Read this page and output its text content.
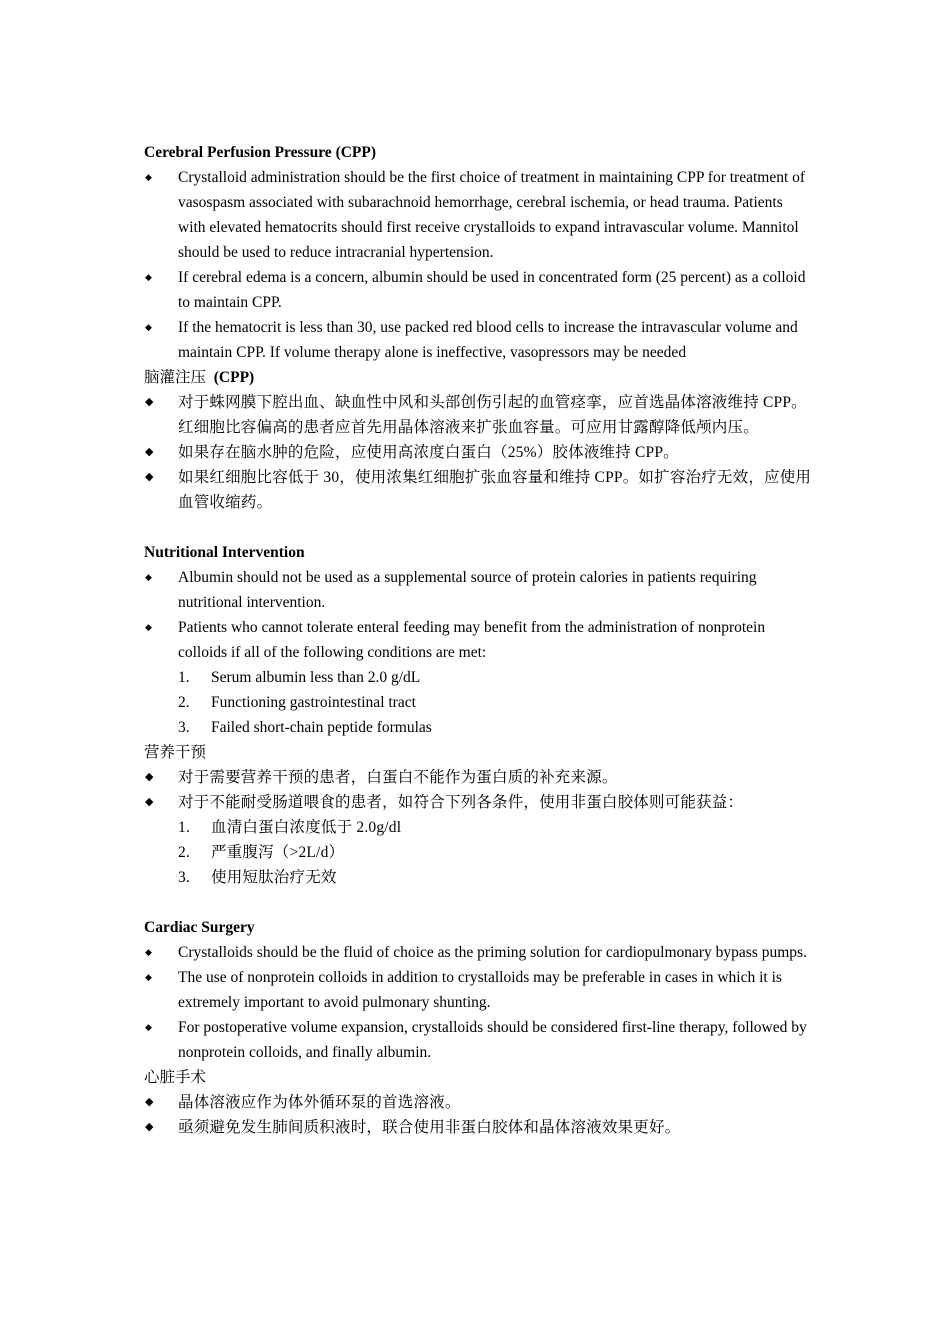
Cerebral Perfusion Pressure (CPP)
◆ Crystalloid administration should be the first choice of treatment in maintaining CPP for treatment of vasospasm associated with subarachnoid hemorrhage, cerebral ischemia, or head trauma. Patients with elevated hematocrits should first receive crystalloids to expand intravascular volume. Mannitol should be used to reduce intracranial hypertension.
◆ If cerebral edema is a concern, albumin should be used in concentrated form (25 percent) as a colloid to maintain CPP.
◆ If the hematocrit is less than 30, use packed red blood cells to increase the intravascular volume and maintain CPP. If volume therapy alone is ineffective, vasopressors may be needed
脑灌注压 (CPP)
◆ 对于蛛网膜下腔出血、缺血性中风和头部创伤引起的血管痉挛，应首选晶体溶液维持 CPP。红细胞比容偏高的患者应首先用晶体溶液来扩张血容量。可应用甘露醇降低颅内压。
◆ 如果存在脑水肿的危险，应使用高浓度白蛋白（25%）胶体液维持 CPP。
◆ 如果红细胞比容低于 30，使用浓集红细胞扩张血容量和维持 CPP。如扩容治疗无效，应使用血管收缩药。
Nutritional Intervention
◆ Albumin should not be used as a supplemental source of protein calories in patients requiring nutritional intervention.
◆ Patients who cannot tolerate enteral feeding may benefit from the administration of nonprotein colloids if all of the following conditions are met:
1. Serum albumin less than 2.0 g/dL
2. Functioning gastrointestinal tract
3. Failed short-chain peptide formulas
营养干预
◆ 对于需要营养干预的患者，白蛋白不能作为蛋白质的补充来源。
◆ 对于不能耐受肠道喂食的患者，如符合下列各条件，使用非蛋白胶体则可能获益：
1. 血清白蛋白浓度低于 2.0g/dl
2. 严重腹泻（>2L/d）
3. 使用短肽治疗无效
Cardiac Surgery
◆ Crystalloids should be the fluid of choice as the priming solution for cardiopulmonary bypass pumps.
◆ The use of nonprotein colloids in addition to crystalloids may be preferable in cases in which it is extremely important to avoid pulmonary shunting.
◆ For postoperative volume expansion, crystalloids should be considered first-line therapy, followed by nonprotein colloids, and finally albumin.
心脏手术
◆ 晶体溶液应作为体外循环泵的首选溶液。
◆ 亟须避免发生肺间质积液时，联合使用非蛋白胶体和晶体溶液效果更好。
